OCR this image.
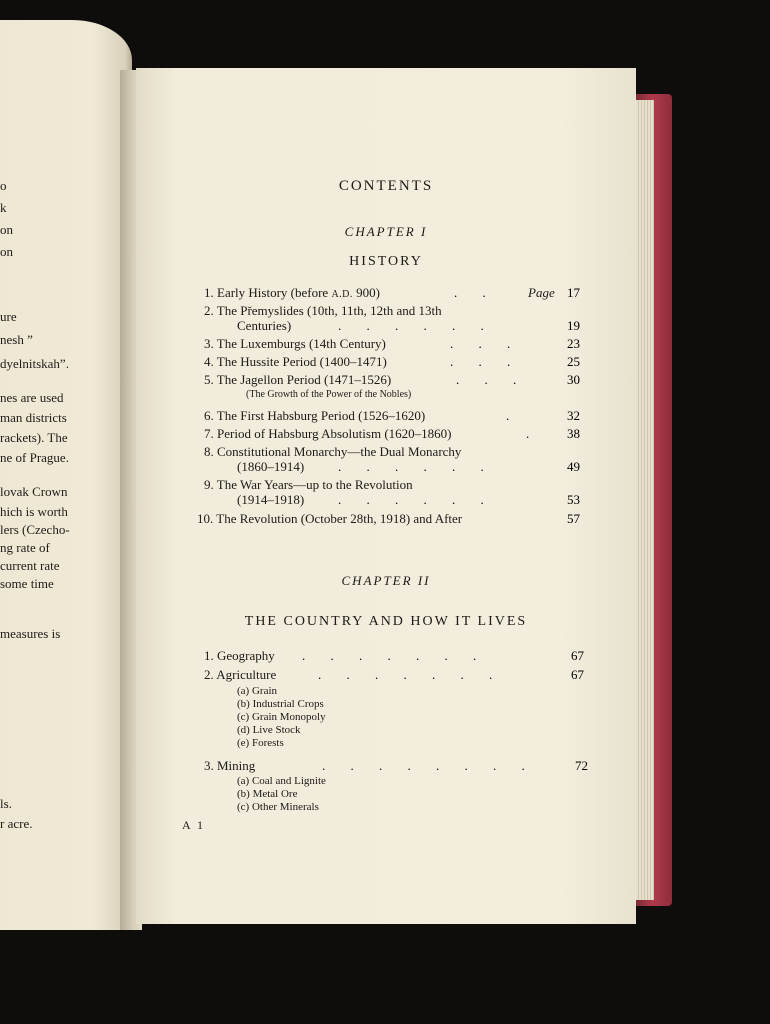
o
k
on
on
ure
nesh ”
dyelnitskah”.
nes are used
man districts
rackets). The
ne of Prague.
lovak Crown
hich is worth
lers (Czecho-
ng rate of
current rate
some time
measures is
ls.
r acre.
CONTENTS
CHAPTER I
HISTORY
1. Early History (before A.D. 900)	. . Page 17
2. The Přemyslides (10th, 11th, 12th and 13th
Centuries)	. . . . . .	19
3. The Luxemburgs (14th Century)	. . .	23
4. The Hussite Period (1400–1471)	. . .	25
5. The Jagellon Period (1471–1526)	. . .	30
(The Growth of the Power of the Nobles)
6. The First Habsburg Period (1526–1620)	.	32
7. Period of Habsburg Absolutism (1620–1860)	.	38
8. Constitutional Monarchy—the Dual Monarchy
(1860–1914)	. . . . . .	49
9. The War Years—up to the Revolution
(1914–1918)	. . . . . .	53
10. The Revolution (October 28th, 1918) and After	57
CHAPTER II
THE COUNTRY AND HOW IT LIVES
1. Geography . . . . . . .	67
2. Agriculture	. . . . . . .	67
(a) Grain
(b) Industrial Crops
(c) Grain Monopoly
(d) Live Stock
(e) Forests
3. Mining	. . . . . . . .	72
(a) Coal and Lignite
(b) Metal Ore
(c) Other Minerals
A 1
